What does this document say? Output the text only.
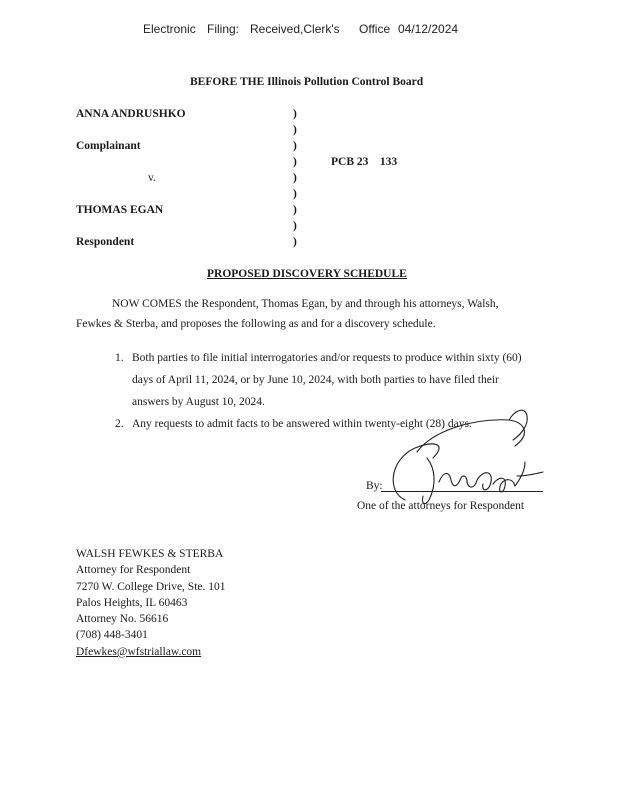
Electronic Filing: Received,Clerk's Office 04/12/2024
BEFORE THE Illinois Pollution Control Board
ANNA ANDRUSHKO
Complainant
v.
THOMAS EGAN
Respondent
)
)
)
)
)
)
)
)
)
PCB 23    133
PROPOSED DISCOVERY SCHEDULE
NOW COMES the Respondent, Thomas Egan, by and through his attorneys, Walsh,
Fewkes & Sterba, and proposes the following as and for a discovery schedule.
1. Both parties to file initial interrogatories and/or requests to produce within sixty (60)
days of April 11, 2024, or by June 10, 2024, with both parties to have filed their
answers by August 10, 2024.
2. Any requests to admit facts to be answered within twenty-eight (28) days.
By:
One of the attorneys for Respondent
WALSH FEWKES & STERBA
Attorney for Respondent
7270 W. College Drive, Ste. 101
Palos Heights, IL 60463
Attorney No. 56616
(708) 448-3401
Dfewkes@wfstriallaw.com
